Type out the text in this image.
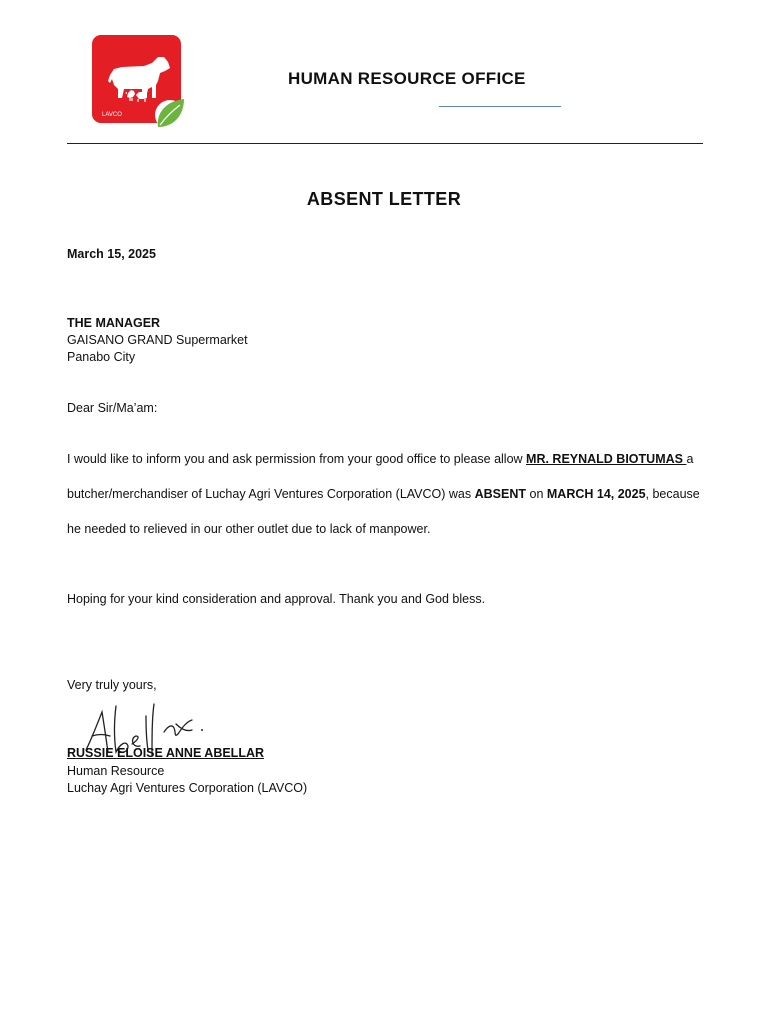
LAVCO
HUMAN RESOURCE OFFICE
ABSENT LETTER
March 15, 2025
THE MANAGER
GAISANO GRAND Supermarket
Panabo City
Dear Sir/Ma’am:
I would like to inform you and ask permission from your good office to please allow MR. REYNALD BIOTUMAS a
butcher/merchandiser of Luchay Agri Ventures Corporation (LAVCO) was ABSENT on MARCH 14, 2025, because
he needed to relieved in our other outlet due to lack of manpower.
Hoping for your kind consideration and approval. Thank you and God bless.
Very truly yours,
RUSSIE ELOISE ANNE ABELLAR
Human Resource
Luchay Agri Ventures Corporation (LAVCO)
